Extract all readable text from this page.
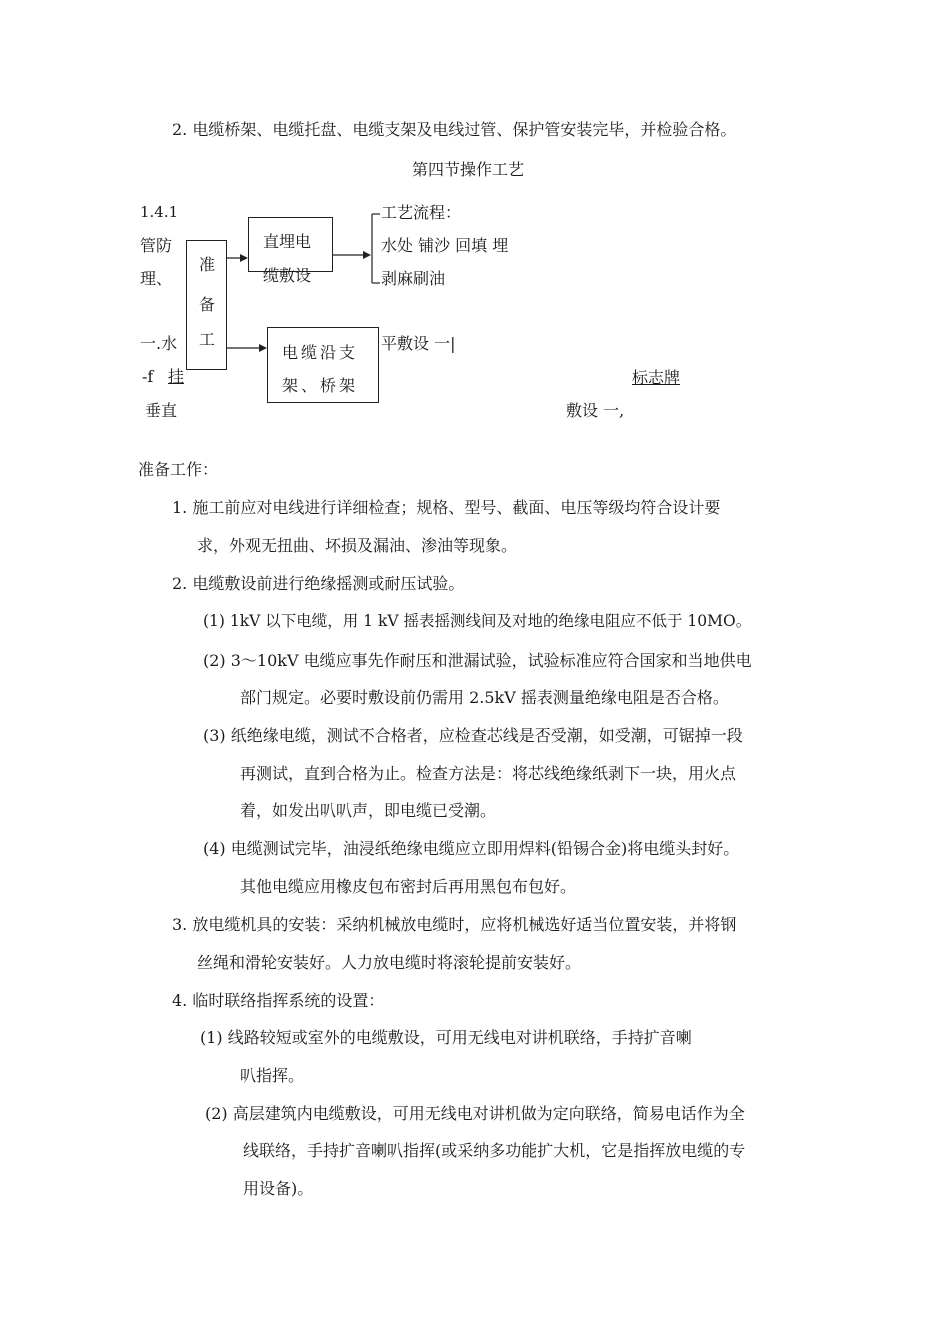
2. 电缆桥架、电缆托盘、电缆支架及电线过管、保护管安装完毕，并检验合格。
第四节操作工艺
1.4.1
管防
理、
一.水
-f 挂
垂直
准
备
工
直埋电
缆敷设
电缆沿支
架、桥架
工艺流程：
水处 铺沙 回填 埋
剥麻刷油
平敷设 一|
标志牌
敷设 一,
准备工作：
1. 施工前应对电线进行详细检查；规格、型号、截面、电压等级均符合设计要
求，外观无扭曲、坏损及漏油、渗油等现象。
2. 电缆敷设前进行绝缘摇测或耐压试验。
(1) 1kV 以下电缆，用 1 kV 摇表摇测线间及对地的绝缘电阻应不低于 10MO。
(2) 3〜10kV 电缆应事先作耐压和泄漏试验，试验标准应符合国家和当地供电
部门规定。必要时敷设前仍需用 2.5kV 摇表测量绝缘电阻是否合格。
(3) 纸绝缘电缆，测试不合格者，应检查芯线是否受潮，如受潮，可锯掉一段
再测试，直到合格为止。检查方法是：将芯线绝缘纸剥下一块，用火点
着，如发出叭叭声，即电缆已受潮。
(4) 电缆测试完毕，油浸纸绝缘电缆应立即用焊料(铅锡合金)将电缆头封好。
其他电缆应用橡皮包布密封后再用黑包布包好。
3. 放电缆机具的安装：采纳机械放电缆时，应将机械选好适当位置安装，并将钢
丝绳和滑轮安装好。人力放电缆时将滚轮提前安装好。
4. 临时联络指挥系统的设置：
(1) 线路较短或室外的电缆敷设，可用无线电对讲机联络，手持扩音喇
叭指挥。
(2) 高层建筑内电缆敷设，可用无线电对讲机做为定向联络，简易电话作为全
线联络，手持扩音喇叭指挥(或采纳多功能扩大机，它是指挥放电缆的专
用设备)。
